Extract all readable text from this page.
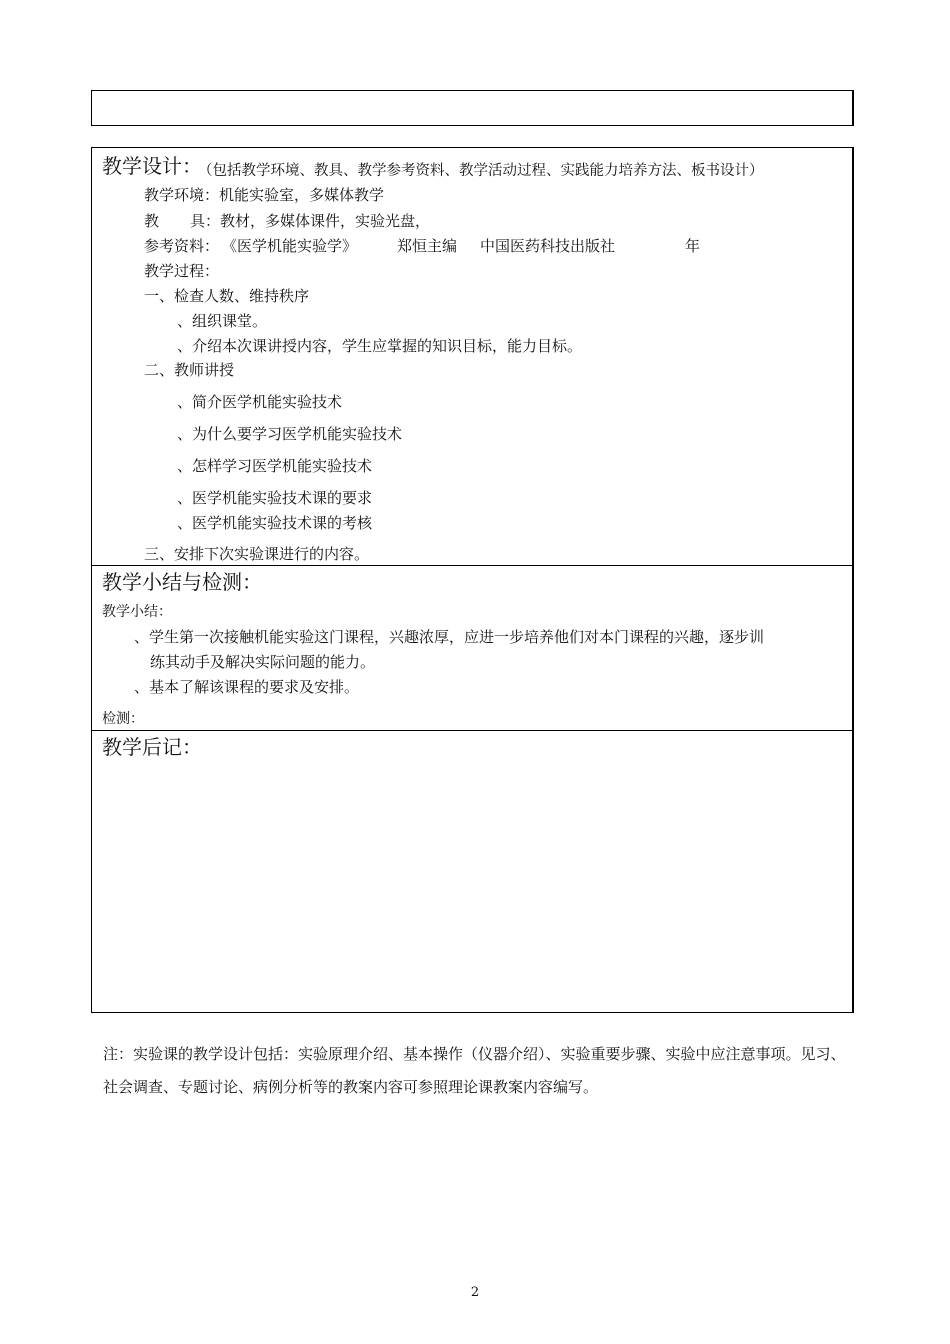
教学设计：
（包括教学环境、教具、教学参考资料、教学活动过程、实践能力培养方法、板书设计）
教学环境：机能实验室，多媒体教学
教 具：教材，多媒体课件，实验光盘，
参考资料： 《医学机能实验学》	郑恒主编 中国医药科技出版社	年
教学过程：
一、检查人数、维持秩序
、组织课堂。
、介绍本次课讲授内容，学生应掌握的知识目标，能力目标。
二、教师讲授
、简介医学机能实验技术
、为什么要学习医学机能实验技术
、怎样学习医学机能实验技术
、医学机能实验技术课的要求
、医学机能实验技术课的考核
三、安排下次实验课进行的内容。
教学小结与检测：
教学小结：
、学生第一次接触机能实验这门课程，兴趣浓厚，应进一步培养他们对本门课程的兴趣，逐步训
练其动手及解决实际问题的能力。
、基本了解该课程的要求及安排。
检测：
教学后记：
注：实验课的教学设计包括：实验原理介绍、基本操作（仪器介绍）、实验重要步骤、实验中应注意事项。见习、社会调查、专题讨论、病例分析等的教案内容可参照理论课教案内容编写。
2
